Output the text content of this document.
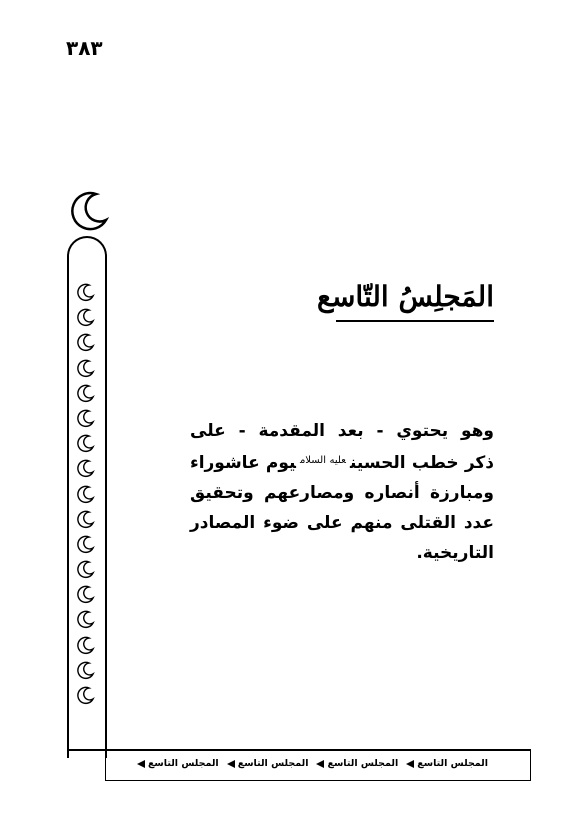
٣٨٣
المجلس التاسع
المجلس التاسع
المجلس التاسع
المجلس التاسع
المَجلِسُ التّاسع
وهو يحتوي - بعد المقدمة - على
ذكر خطب الحسين$^{عليه السلام}$يوم عاشوراء
ومبارزة أنصاره ومصارعهم وتحقيق
عدد القتلى منهم على ضوء المصادر
التاريخية.
